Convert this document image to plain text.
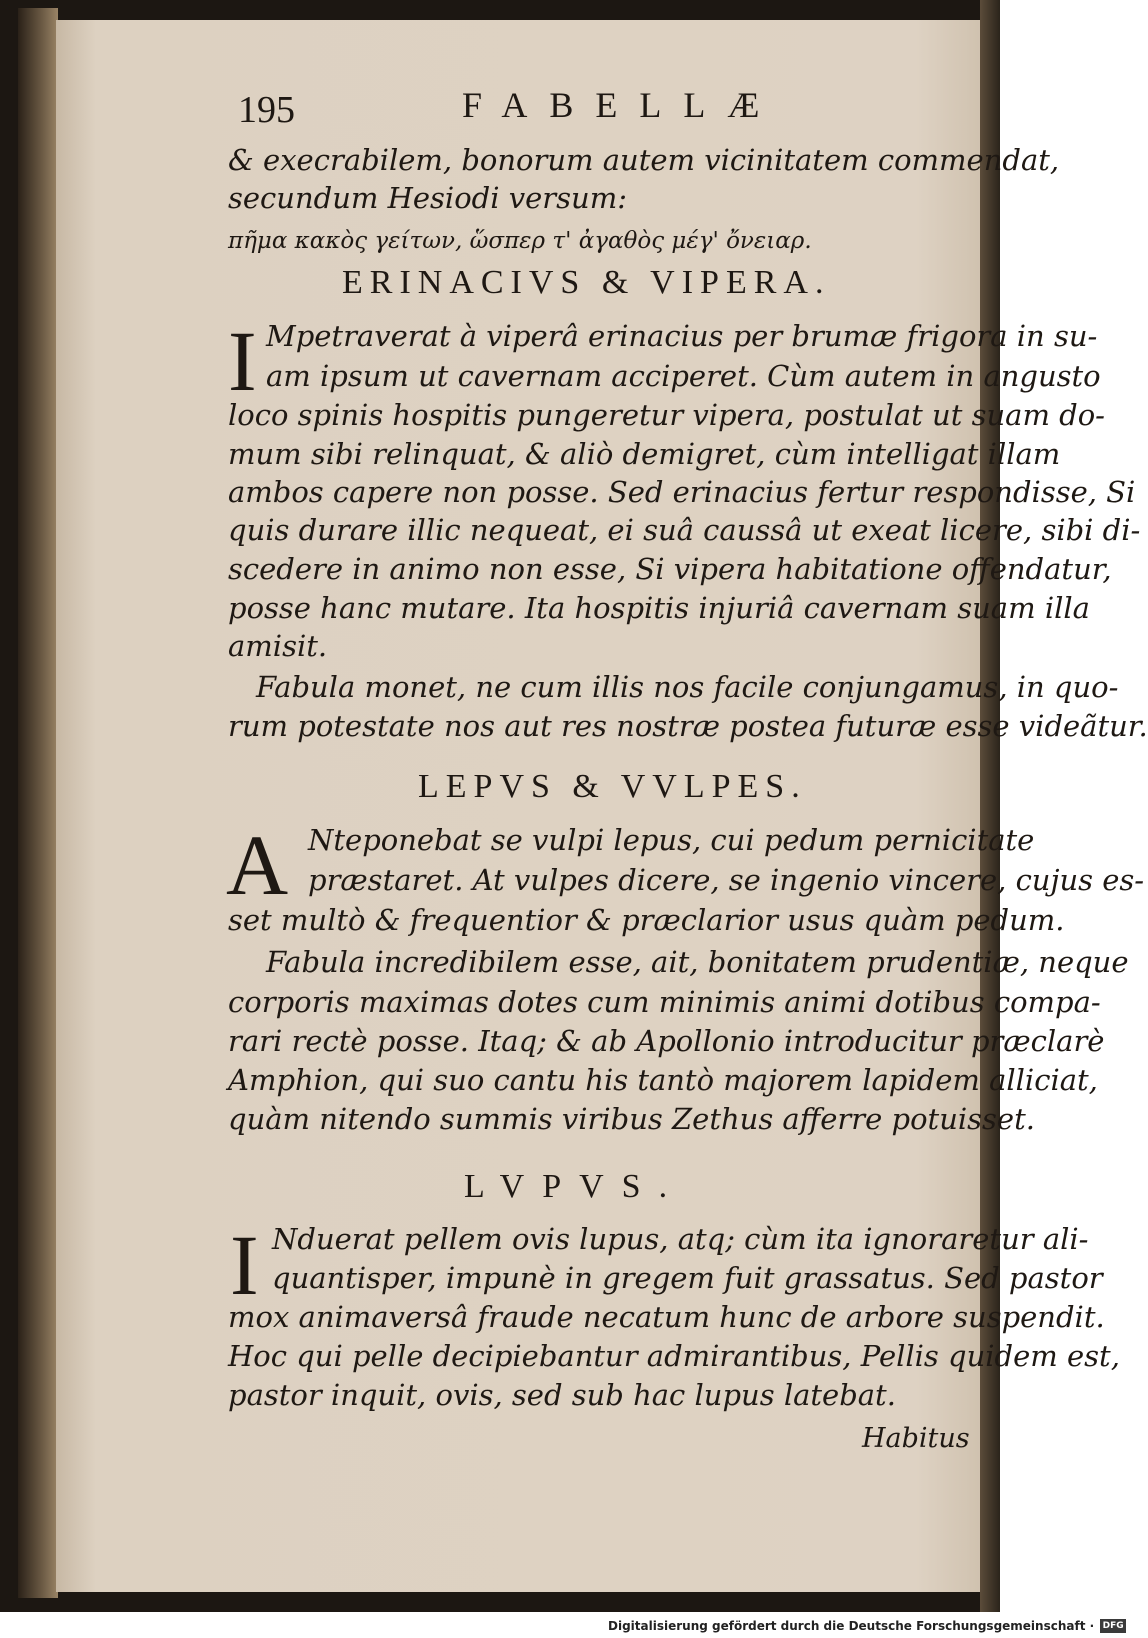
195	FABELLÆ
& execrabilem, bonorum autem vicinitatem commendat,
secundum Hesiodi versum:
πῆμα κακὸς γείτων, ὥσπερ τ' ἀγαθὸς μέγ' ὄνειαρ.
ERINACIVS & VIPERA.
I Mpetraverat à viperâ erinacius per brumæ frigora in su-
am ipsum ut cavernam acciperet. Cùm autem in angusto
loco spinis hospitis pungeretur vipera, postulat ut suam do-
mum sibi relinquat, & aliò demigret, cùm intelligat illam
ambos capere non posse. Sed erinacius fertur respondisse, Si
quis durare illic nequeat, ei suâ caussâ ut exeat licere, sibi di-
scedere in animo non esse, Si vipera habitatione offendatur,
posse hanc mutare. Ita hospitis injuriâ cavernam suam illa
amisit.
Fabula monet, ne cum illis nos facile conjungamus, in quo-
rum potestate nos aut res nostræ postea futuræ esse videãtur.
LEPVS & VVLPES.
A Nteponebat se vulpi lepus, cui pedum pernicitate
præstaret. At vulpes dicere, se ingenio vincere, cujus es-
set multò & frequentior & præclarior usus quàm pedum.
Fabula incredibilem esse, ait, bonitatem prudentiæ, neque
corporis maximas dotes cum minimis animi dotibus compa-
rari rectè posse. Itaq; & ab Apollonio introducitur præclarè
Amphion, qui suo cantu his tantò majorem lapidem alliciat,
quàm nitendo summis viribus Zethus afferre potuisset.
LVPVS.
I Nduerat pellem ovis lupus, atq; cùm ita ignoraretur ali-
quantisper, impunè in gregem fuit grassatus. Sed pastor
mox animaversâ fraude necatum hunc de arbore suspendit.
Hoc qui pelle decipiebantur admirantibus, Pellis quidem est,
pastor inquit, ovis, sed sub hac lupus latebat.
Habitus
Digitalisierung gefördert durch die Deutsche Forschungsgemeinschaft · DFG
